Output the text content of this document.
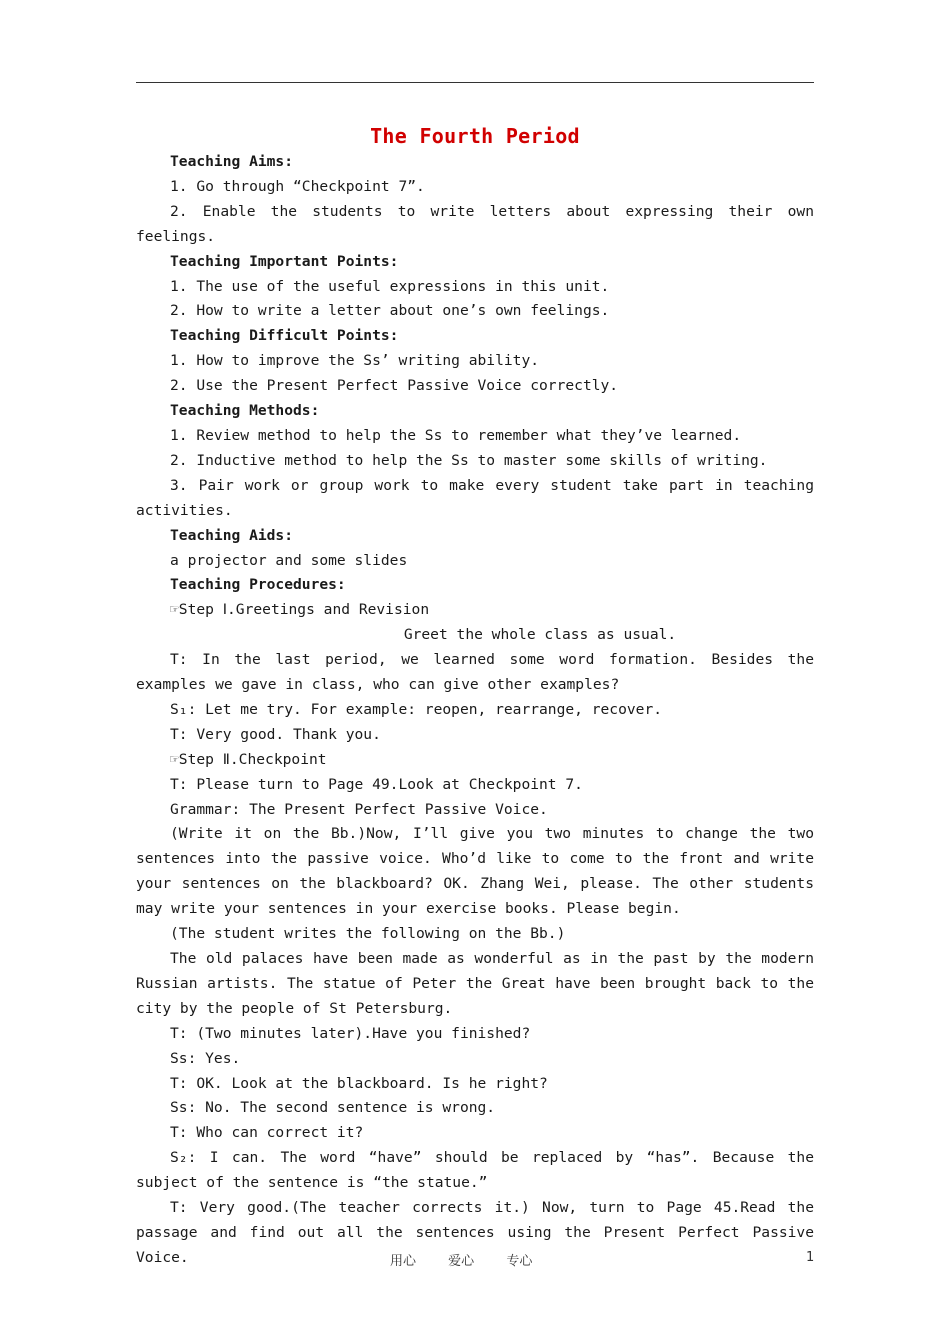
The Fourth Period

Teaching Aims:

1. Go through “Checkpoint 7”.

2. Enable the students to write letters about expressing their own feelings.

Teaching Important Points:

1. The use of the useful expressions in this unit.

2. How to write a letter about one’s own feelings.

Teaching Difficult Points:

1. How to improve the Ss’ writing ability.

2. Use the Present Perfect Passive Voice correctly.

Teaching Methods:

1. Review method to help the Ss to remember what they’ve learned.

2. Inductive method to help the Ss to master some skills of writing.

3. Pair work or group work to make every student take part in teaching activities.

Teaching Aids:

a projector and some slides

Teaching Procedures:

☞Step Ⅰ.Greetings and Revision

Greet the whole class as usual.

T: In the last period, we learned some word formation. Besides the examples we gave in class, who can give other examples?

S₁: Let me try. For example: reopen, rearrange, recover.

T: Very good. Thank you.

☞Step Ⅱ.Checkpoint

T: Please turn to Page 49.Look at Checkpoint 7.

Grammar: The Present Perfect Passive Voice.

(Write it on the Bb.)Now, I’ll give you two minutes to change the two sentences into the passive voice. Who’d like to come to the front and write your sentences on the blackboard? OK. Zhang Wei, please. The other students may write your sentences in your exercise books. Please begin.

(The student writes the following on the Bb.)

The old palaces have been made as wonderful as in the past by the modern Russian artists. The statue of Peter the Great have been brought back to the city by the people of St Petersburg.

T: (Two minutes later).Have you finished?

Ss: Yes.

T: OK. Look at the blackboard. Is he right?

Ss: No. The second sentence is wrong.

T: Who can correct it?

S₂: I can. The word “have” should be replaced by “has”. Because the subject of the sentence is “the statue.”

T: Very good.(The teacher corrects it.) Now, turn to Page 45.Read the passage and find out all the sentences using the Present Perfect Passive Voice.	用心 爱心 专心	1
